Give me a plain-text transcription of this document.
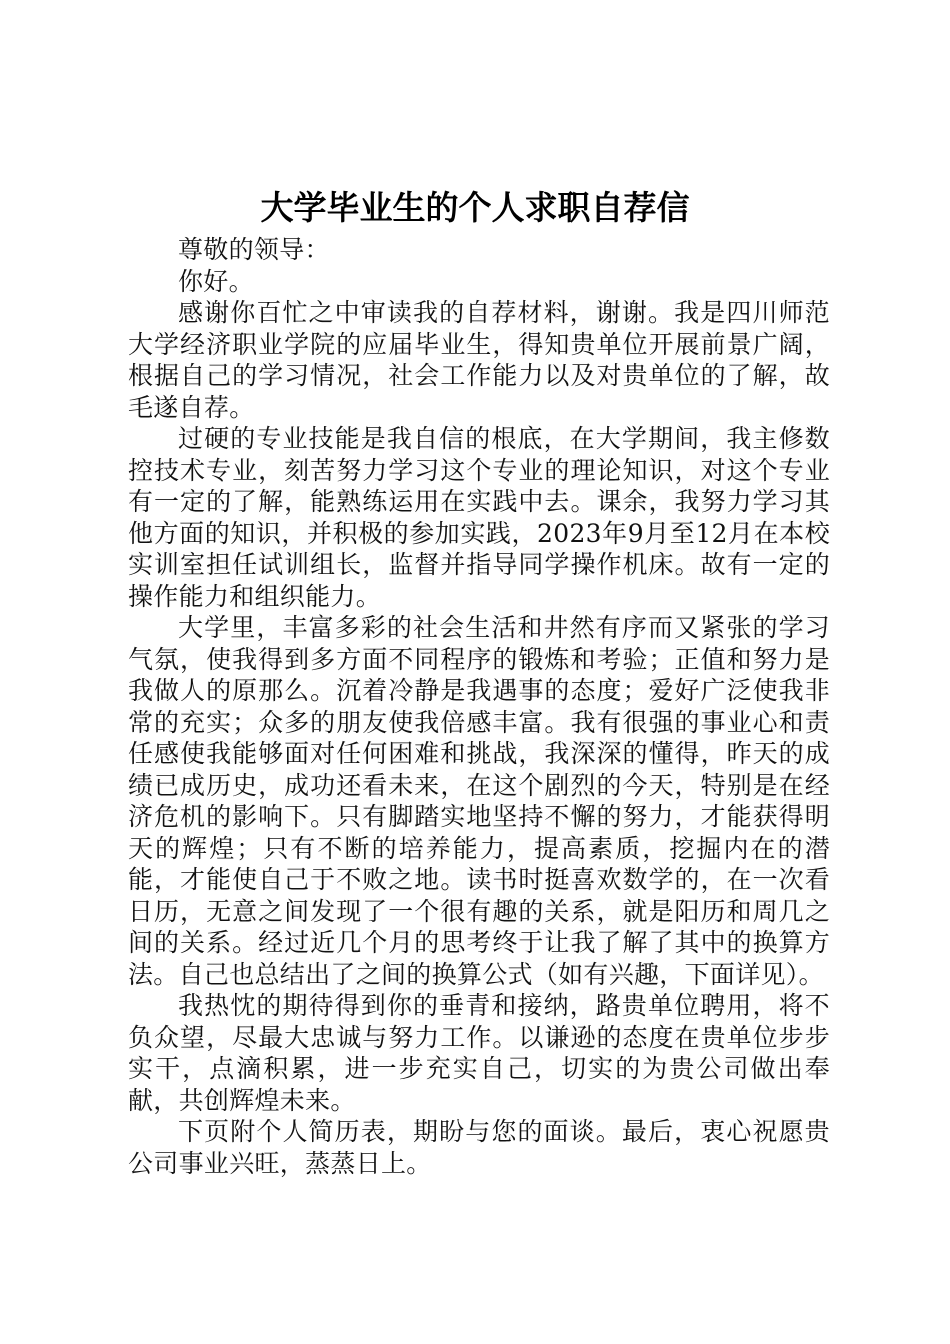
大学毕业生的个人求职自荐信

尊敬的领导：

你好。

感谢你百忙之中审读我的自荐材料，谢谢。我是四川师范大学经济职业学院的应届毕业生，得知贵单位开展前景广阔，根据自己的学习情况，社会工作能力以及对贵单位的了解，故毛遂自荐。

过硬的专业技能是我自信的根底，在大学期间，我主修数控技术专业，刻苦努力学习这个专业的理论知识，对这个专业有一定的了解，能熟练运用在实践中去。课余，我努力学习其他方面的知识，并积极的参加实践，2023年9月至12月在本校实训室担任试训组长，监督并指导同学操作机床。故有一定的操作能力和组织能力。

大学里，丰富多彩的社会生活和井然有序而又紧张的学习气氛，使我得到多方面不同程序的锻炼和考验；正值和努力是我做人的原那么。沉着冷静是我遇事的态度；爱好广泛使我非常的充实；众多的朋友使我倍感丰富。我有很强的事业心和责任感使我能够面对任何困难和挑战，我深深的懂得，昨天的成绩已成历史，成功还看未来，在这个剧烈的今天，特别是在经济危机的影响下。只有脚踏实地坚持不懈的努力，才能获得明天的辉煌；只有不断的培养能力，提高素质，挖掘内在的潜能，才能使自己于不败之地。读书时挺喜欢数学的，在一次看日历，无意之间发现了一个很有趣的关系，就是阳历和周几之间的关系。经过近几个月的思考终于让我了解了其中的换算方法。自己也总结出了之间的换算公式（如有兴趣，下面详见）。

我热忱的期待得到你的垂青和接纳，路贵单位聘用，将不负众望，尽最大忠诚与努力工作。以谦逊的态度在贵单位步步实干，点滴积累，进一步充实自己，切实的为贵公司做出奉献，共创辉煌未来。

下页附个人简历表，期盼与您的面谈。最后，衷心祝愿贵公司事业兴旺，蒸蒸日上。
